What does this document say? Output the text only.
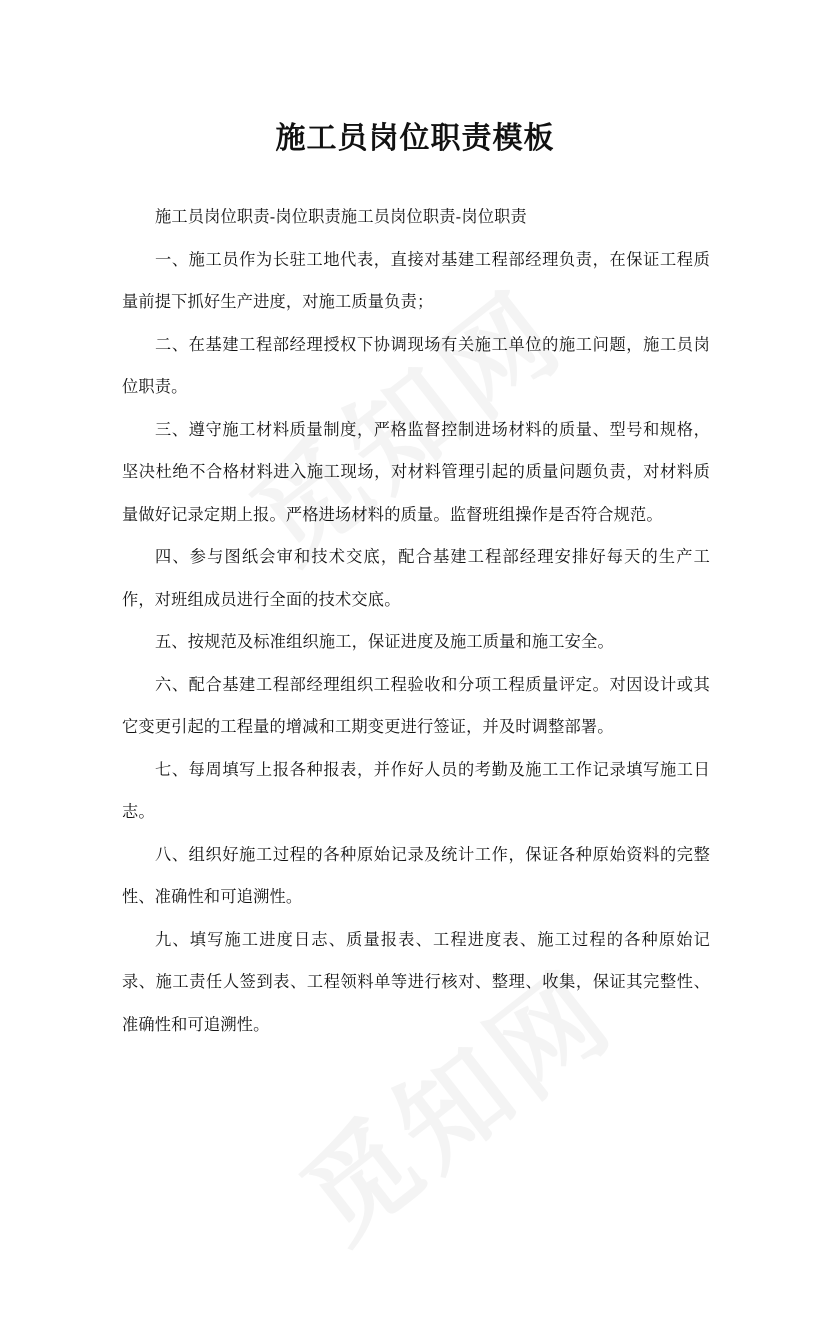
施工员岗位职责模板

施工员岗位职责-岗位职责施工员岗位职责-岗位职责

一、施工员作为长驻工地代表，直接对基建工程部经理负责，在保证工程质量前提下抓好生产进度，对施工质量负责；

二、在基建工程部经理授权下协调现场有关施工单位的施工问题，施工员岗位职责。

三、遵守施工材料质量制度，严格监督控制进场材料的质量、型号和规格，坚决杜绝不合格材料进入施工现场，对材料管理引起的质量问题负责，对材料质量做好记录定期上报。严格进场材料的质量。监督班组操作是否符合规范。

四、参与图纸会审和技术交底，配合基建工程部经理安排好每天的生产工作，对班组成员进行全面的技术交底。

五、按规范及标准组织施工，保证进度及施工质量和施工安全。

六、配合基建工程部经理组织工程验收和分项工程质量评定。对因设计或其它变更引起的工程量的增减和工期变更进行签证，并及时调整部署。

七、每周填写上报各种报表，并作好人员的考勤及施工工作记录填写施工日志。

八、组织好施工过程的各种原始记录及统计工作，保证各种原始资料的完整性、准确性和可追溯性。

九、填写施工进度日志、质量报表、工程进度表、施工过程的各种原始记录、施工责任人签到表、工程领料单等进行核对、整理、收集，保证其完整性、准确性和可追溯性。
